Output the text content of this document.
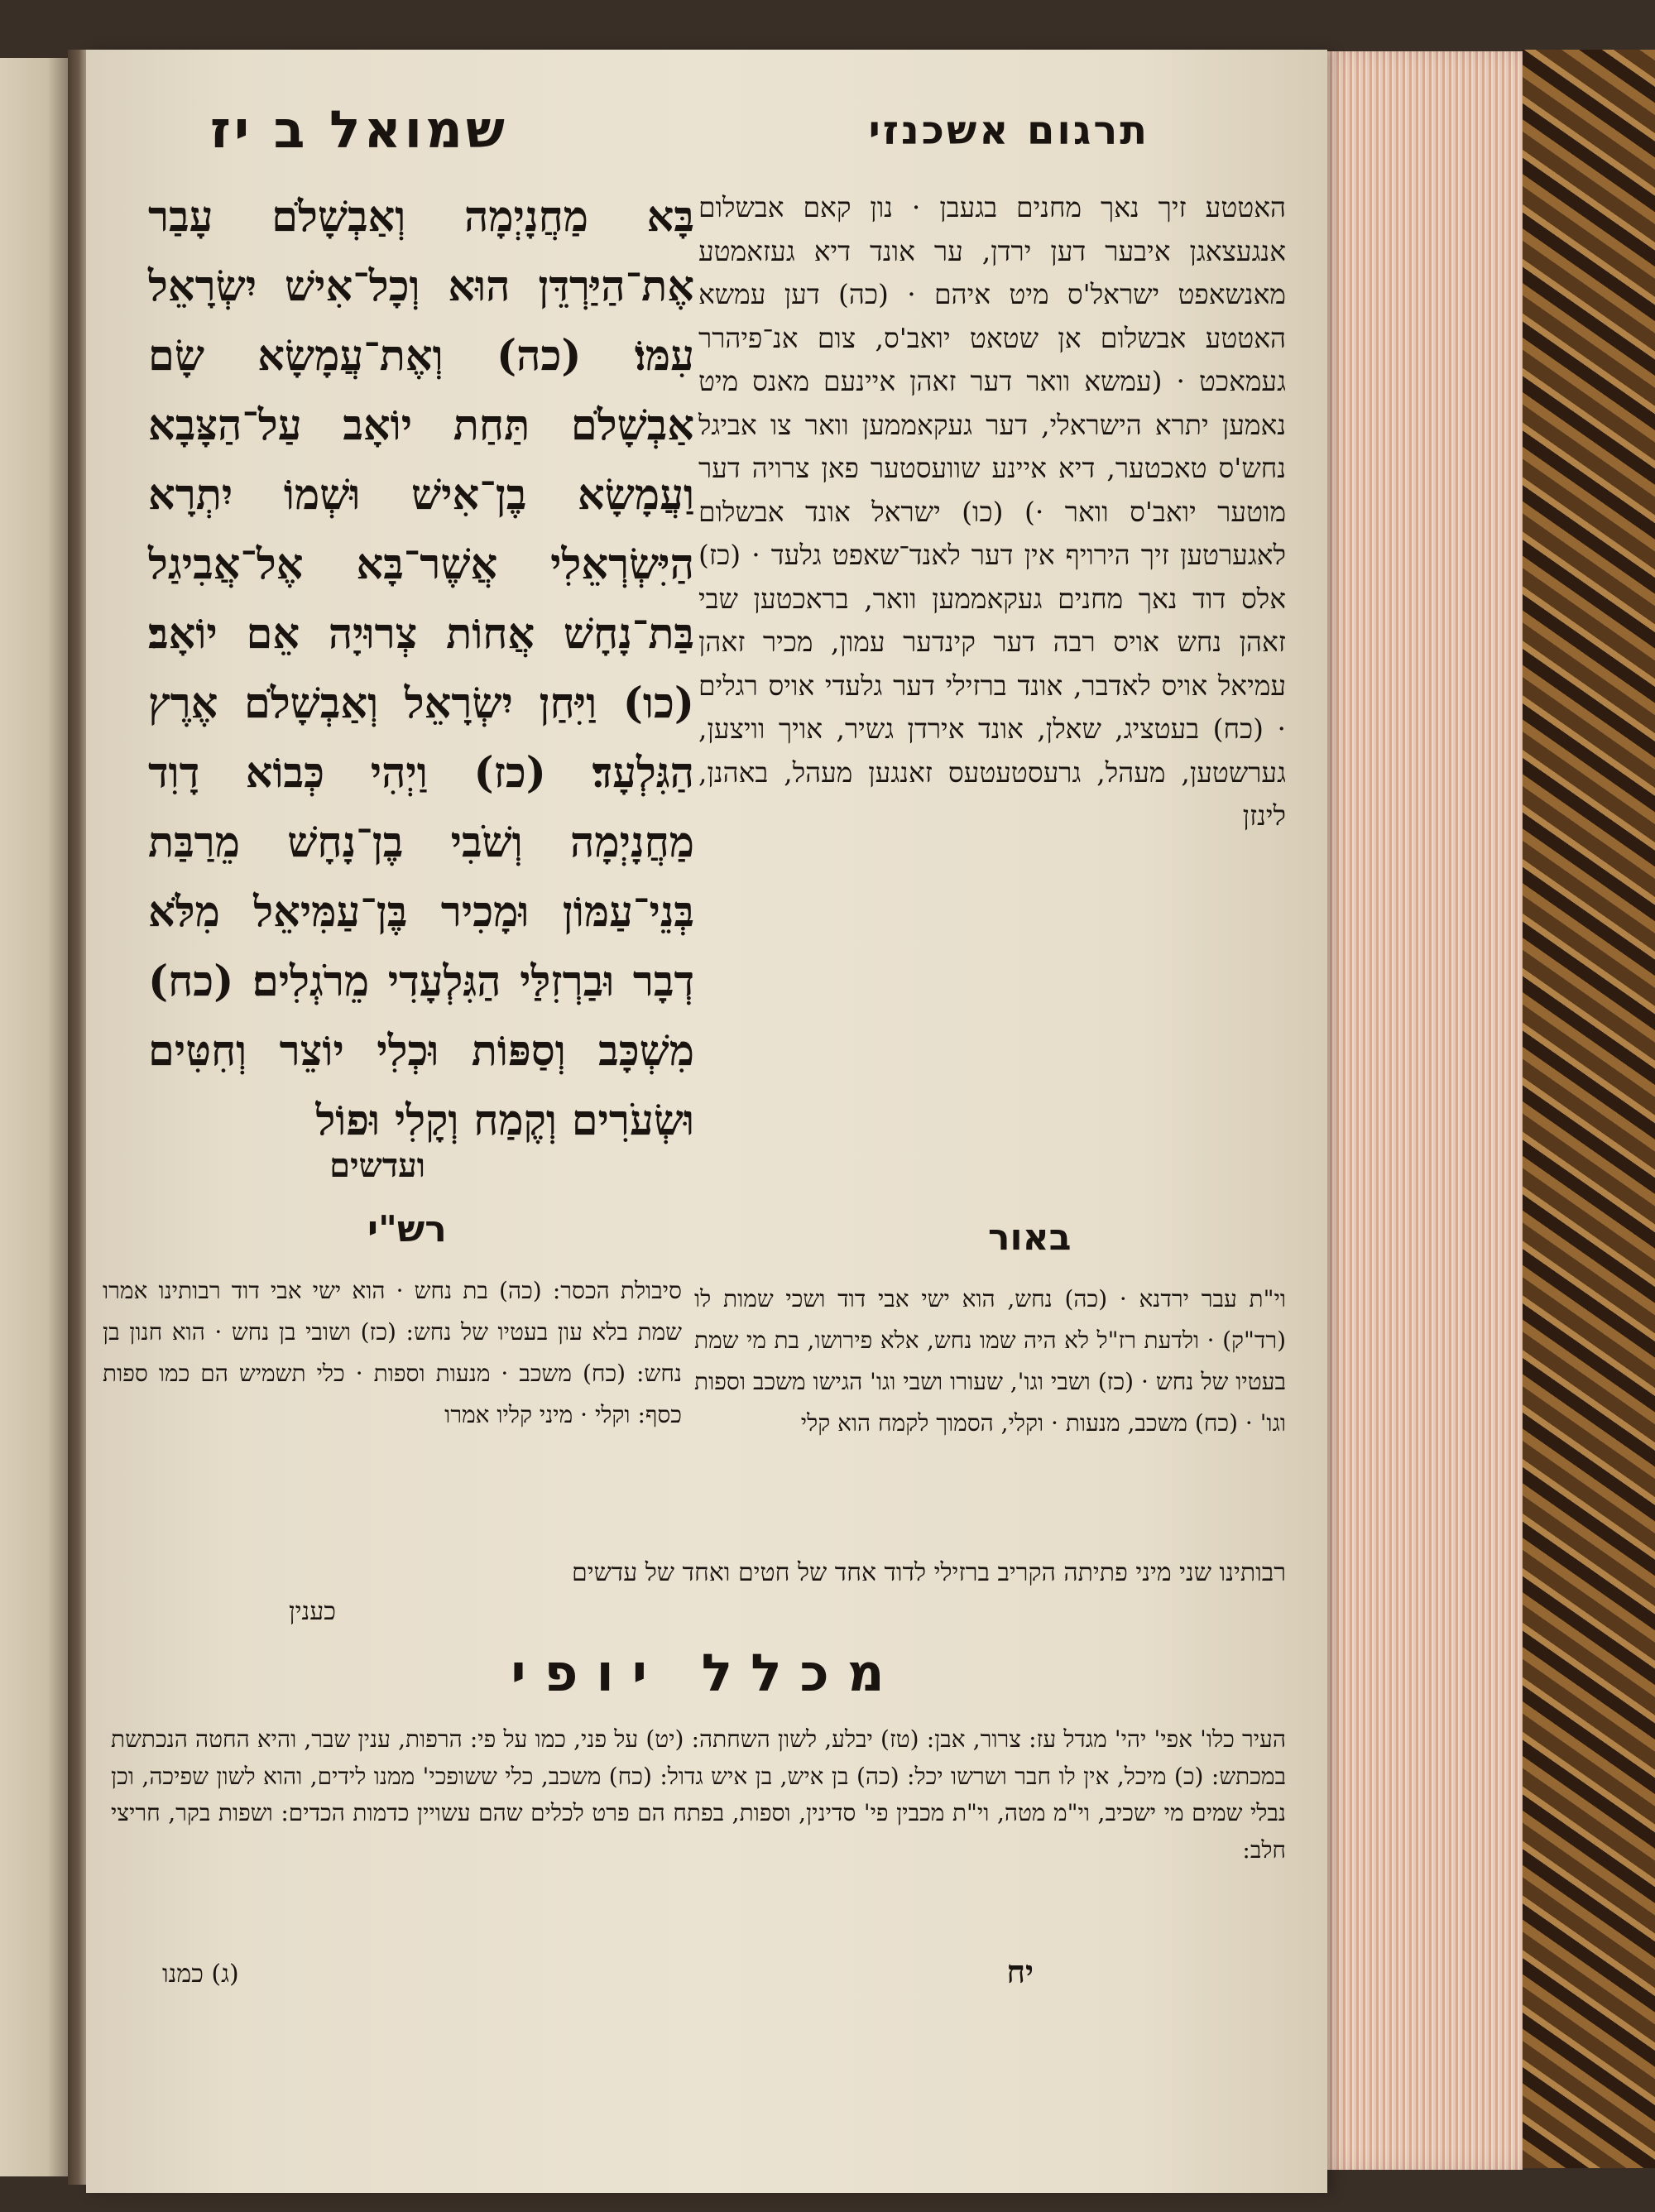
שמואל ב יז	תרגום אשכנזי
בָּא מַחֲנָיְמָה וְאַבְשָׁלֹם עָבַר אֶת־הַיַּרְדֵּן הוּא וְכָל־אִישׁ יִשְׂרָאֵל עִמּוֹ׃ (כה) וְאֶת־עֲמָשָׂא שָׂם אַבְשָׁלֹם תַּחַת יוֹאָב עַל־הַצָּבָא וַעֲמָשָׂא בֶן־אִישׁ וּשְׁמוֹ יִתְרָא הַיִּשְׂרְאֵלִי אֲשֶׁר־בָּא אֶל־אֲבִיגַל בַּת־נָחָשׁ אֲחוֹת צְרוּיָה אֵם יוֹאָב׃ (כו) וַיִּחַן יִשְׂרָאֵל וְאַבְשָׁלֹם אֶרֶץ הַגִּלְעָד׃ (כז) וַיְהִי כְּבוֹא דָוִד מַחֲנָיְמָה וְשֹׁבִי בֶן־נָחָשׁ מֵרַבַּת בְּנֵי־עַמּוֹן וּמָכִיר בֶּן־עַמִּיאֵל מִלֹּא דְבָר וּבַרְזִלַּי הַגִּלְעָדִי מֵרֹגְלִים׃ (כח) מִשְׁכָּב וְסַפּוֹת וּכְלִי יוֹצֵר וְחִטִּים וּשְׂעֹרִים וְקֶמַח וְקָלִי וּפוֹל
האטטע זיך נאך מחנים בגעבן · נון קאם אבשלום אנגעצאגן איבער דען ירדן, ער אונד דיא געזאמטע מאנשאפט ישראל'ס מיט איהם · (כה) דען עמשא האטטע אבשלום אן שטאט יואב'ס, צום אנ־פיהרר געמאכט · (עמשא וואר דער זאהן איינעם מאנס מיט נאמען יתרא הישראלי, דער געקאממען וואר צו אביגל נחש'ס טאכטער, דיא איינע שוועסטער פאן צרויה דער מוטער יואב'ס וואר ·) (כו) ישראל אונד אבשלום לאגערטען זיך הירויף אין דער לאנד־שאפט גלעד · (כז) אלס דוד נאך מחנים געקאממען וואר, בראכטען שבי זאהן נחש אויס רבה דער קינדער עמון, מכיר זאהן עמיאל אויס לאדבר, אונד ברזילי דער גלעדי אויס רגלים · (כח) בעטציג, שאלן, אונד אירדן גשיר, אויך וויצען, גערשטען, מעהל, גרעסטעטעס זאנגען מעהל, באהנן, לינזן
ועדשים
רש"י	באור
סיבולת הכסר: (כה) בת נחש · הוא ישי אבי דוד רבותינו אמרו שמת בלא עון בעטיו של נחש: (כז) ושובי בן נחש · הוא חנון בן נחש: (כח) משכב · מנעות וספות · כלי תשמיש הם כמו ספות כסף: וקלי · מיני קליו אמרו
וי"ת עבר ירדנא · (כה) נחש, הוא ישי אבי דוד ושכי שמות לו (רד"ק) · ולדעת רז"ל לא היה שמו נחש, אלא פירושו, בת מי שמת בעטיו של נחש · (כז) ושבי וגו', שעורו ושבי וגו' הגישו משכב וספות וגו' · (כח) משכב, מנעות · וקלי, הסמוך לקמח הוא קלי
רבותינו שני מיני פתיתה הקריב ברזילי לדוד אחד של חטים ואחד של עדשים
כענין
מכלל יופי
העיר כלו' אפי' יהי' מגדל עז: צרור, אבן: (טז) יבלע, לשון השחתה: (יט) על פני, כמו על פי: הרפות, ענין שבר, והיא החטה הנכתשת במכתש: (כ) מיכל, אין לו חבר ושרשו יכל: (כה) בן איש, בן איש גדול: (כח) משכב, כלי ששופכי' ממנו לידים, והוא לשון שפיכה, וכן נבלי שמים מי ישכיב, וי"מ מטה, וי"ת מכבין פי' סדינין, וספות, בפתח הם פרט לכלים שהם עשויין כדמות הכדים: ושפות בקר, חריצי חלב:
יח
(ג) כמנו
